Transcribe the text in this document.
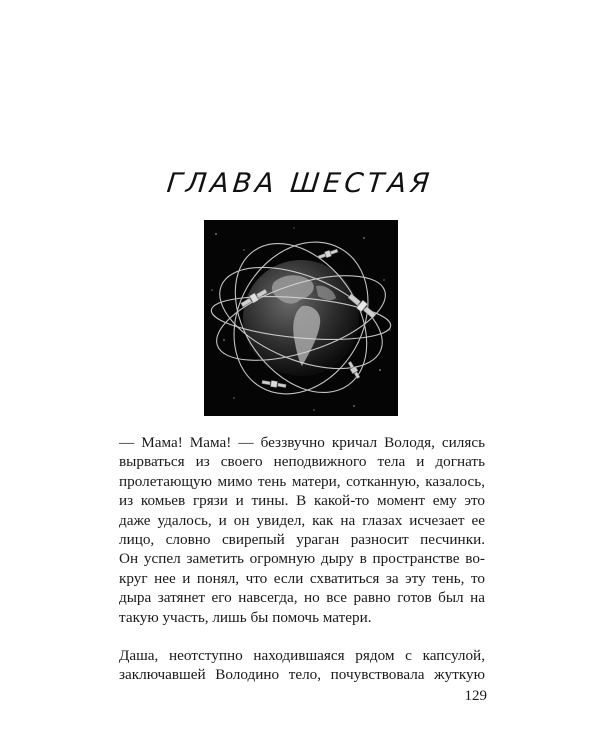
ГЛАВА ШЕСТАЯ

— Мама! Мама! — беззвучно кричал Володя, силясь
вырваться из своего неподвижного тела и догнать
пролетающую мимо тень матери, сотканную, казалось,
из комьев грязи и тины. В какой-то момент ему это
даже удалось, и он увидел, как на глазах исчезает ее
лицо, словно свирепый ураган разносит песчинки.
Он успел заметить огромную дыру в пространстве во-
круг нее и понял, что если схватиться за эту тень, то
дыра затянет его навсегда, но все равно готов был на
такую участь, лишь бы помочь матери.

Даша, неотступно находившаяся рядом с капсулой,
заключавшей Володино тело, почувствовала жуткую

129
